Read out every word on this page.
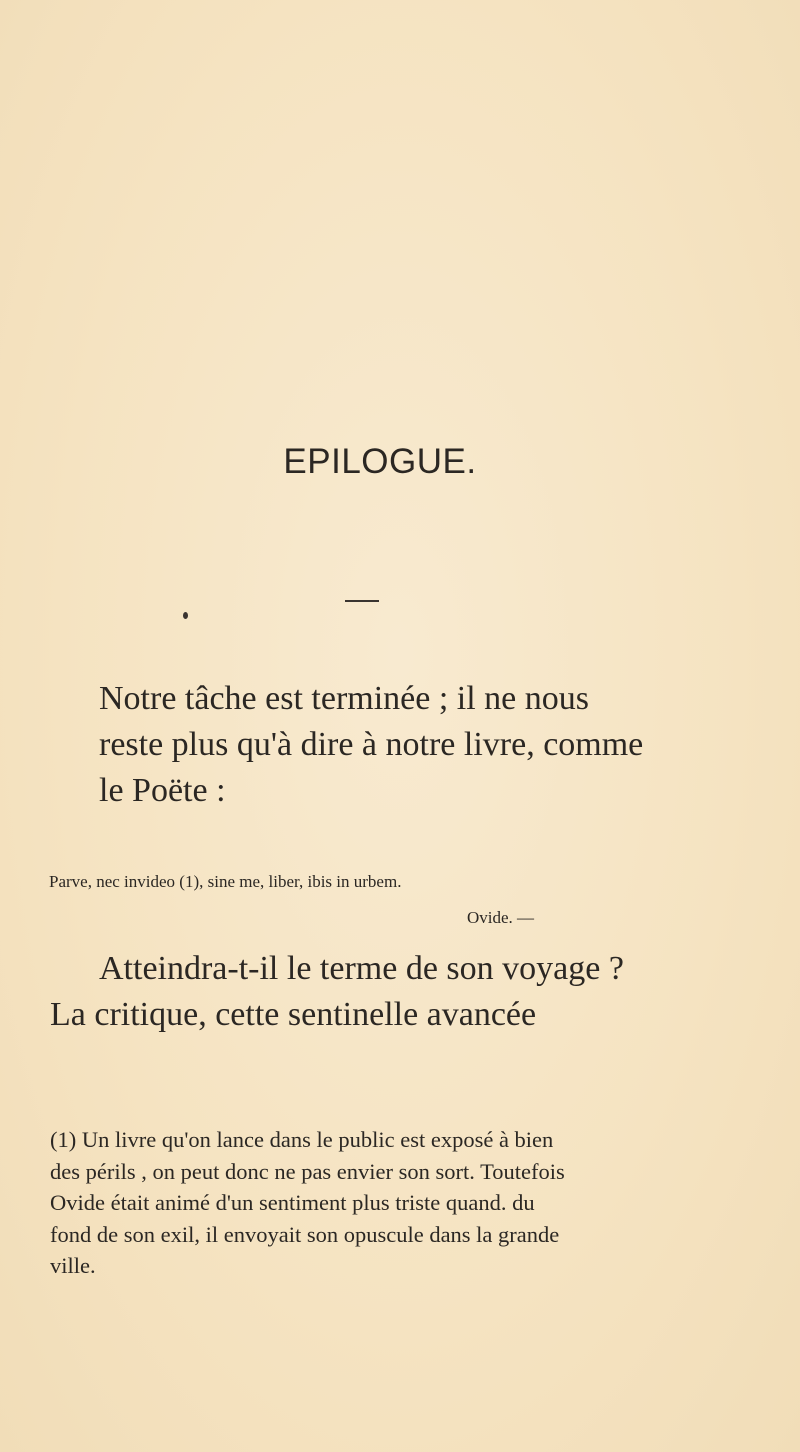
EPILOGUE.
Notre tâche est terminée ; il ne nous
reste plus qu'à dire à notre livre, comme
le Poëte :
Parve, nec invideo (1), sine me, liber, ibis in urbem.
Ovide. —
Atteindra-t-il le terme de son voyage ?
La critique, cette sentinelle avancée
(1) Un livre qu'on lance dans le public est exposé à bien
des périls , on peut donc ne pas envier son sort. Toutefois
Ovide était animé d'un sentiment plus triste quand. du
fond de son exil, il envoyait son opuscule dans la grande
ville.
